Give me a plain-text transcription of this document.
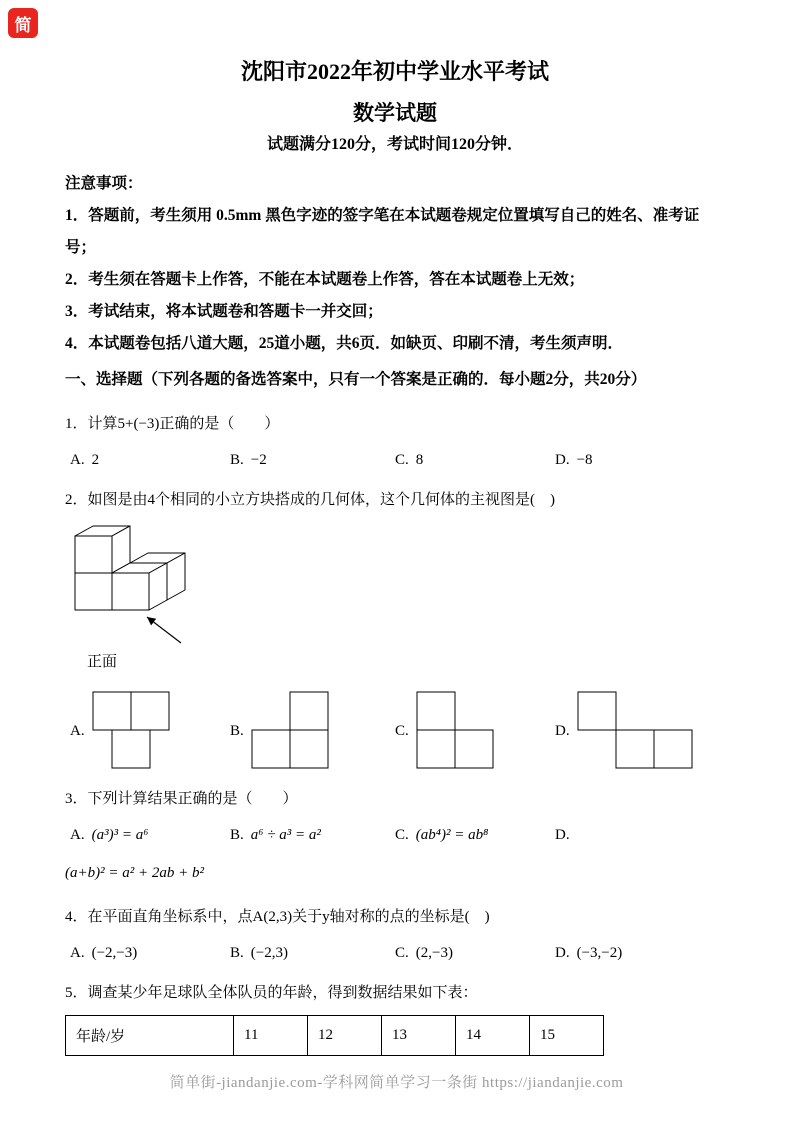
简
沈阳市2022年初中学业水平考试
数学试题

试题满分120分，考试时间120分钟．

注意事项：

1．答题前，考生须用 0.5mm 黑色字迹的签字笔在本试题卷规定位置填写自己的姓名、准考证号；

2．考生须在答题卡上作答，不能在本试题卷上作答，答在本试题卷上无效；

3．考试结束，将本试题卷和答题卡一并交回；

4．本试题卷包括八道大题，25道小题，共6页．如缺页、印刷不清，考生须声明．

一、选择题（下列各题的备选答案中，只有一个答案是正确的．每小题2分，共20分）

1．计算5+(−3)正确的是（　　）

A. 2	B. −2	C. 8	D. −8

2．如图是由4个相同的小立方块搭成的几何体，这个几何体的主视图是(　)

正面
A.	B.	C.	D.

3．下列计算结果正确的是（　　）

A. (a³)³ = a⁶	B. a⁶ ÷ a³ = a²	C. (ab⁴)² = ab⁸	D.

(a+b)² = a² + 2ab + b²

4．在平面直角坐标系中，点A(2,3)关于y轴对称的点的坐标是(　)

A. (−2,−3)	B. (−2,3)	C. (2,−3)	D. (−3,−2)

5．调查某少年足球队全体队员的年龄，得到数据结果如下表：

年龄/岁	11	12	13	14	15
简单街-jiandanjie.com-学科网简单学习一条街 https://jiandanjie.com
